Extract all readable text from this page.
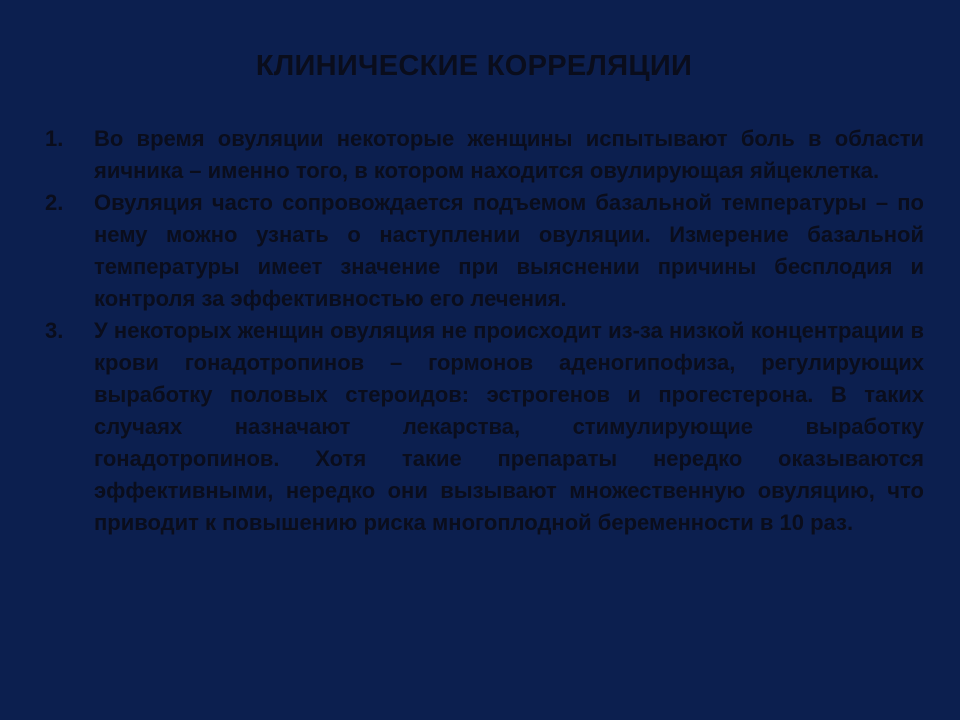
КЛИНИЧЕСКИЕ КОРРЕЛЯЦИИ
1.	Во время овуляции некоторые женщины испытывают боль в области яичника – именно того, в котором находится овулирующая яйцеклетка.

2.	Овуляция часто сопровождается подъемом базальной температуры – по нему можно узнать о наступлении овуляции. Измерение базальной температуры имеет значение при выяснении причины бесплодия и контроля за эффективностью его лечения.

3.	У некоторых женщин овуляция не происходит из-за низкой концентрации в крови гонадотропинов – гормонов аденогипофиза, регулирующих выработку половых стероидов: эстрогенов и прогестерона. В таких случаях назначают лекарства, стимулирующие выработку гонадотропинов. Хотя такие препараты нередко оказываются эффективными, нередко они вызывают множественную овуляцию, что приводит к повышению риска многоплодной беременности в 10 раз.
